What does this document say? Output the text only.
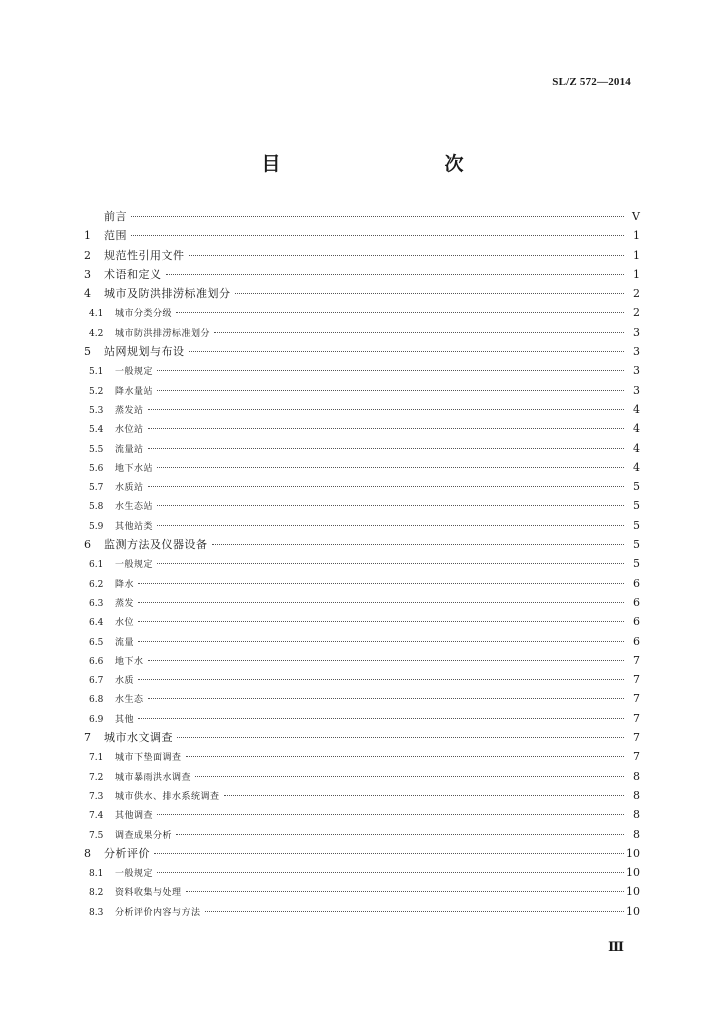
SL/Z 572—2014
目　　次
前言	V
1	范围	1
2	规范性引用文件	1
3	术语和定义	1
4	城市及防洪排涝标准划分	2
4.1	城市分类分级	2
4.2	城市防洪排涝标准划分	3
5	站网规划与布设	3
5.1	一般规定	3
5.2	降水量站	3
5.3	蒸发站	4
5.4	水位站	4
5.5	流量站	4
5.6	地下水站	4
5.7	水质站	5
5.8	水生态站	5
5.9	其他站类	5
6	监测方法及仪器设备	5
6.1	一般规定	5
6.2	降水	6
6.3	蒸发	6
6.4	水位	6
6.5	流量	6
6.6	地下水	7
6.7	水质	7
6.8	水生态	7
6.9	其他	7
7	城市水文调查	7
7.1	城市下垫面调查	7
7.2	城市暴雨洪水调查	8
7.3	城市供水、排水系统调查	8
7.4	其他调查	8
7.5	调查成果分析	8
8	分析评价	10
8.1	一般规定	10
8.2	资料收集与处理	10
8.3	分析评价内容与方法	10
Ⅲ
